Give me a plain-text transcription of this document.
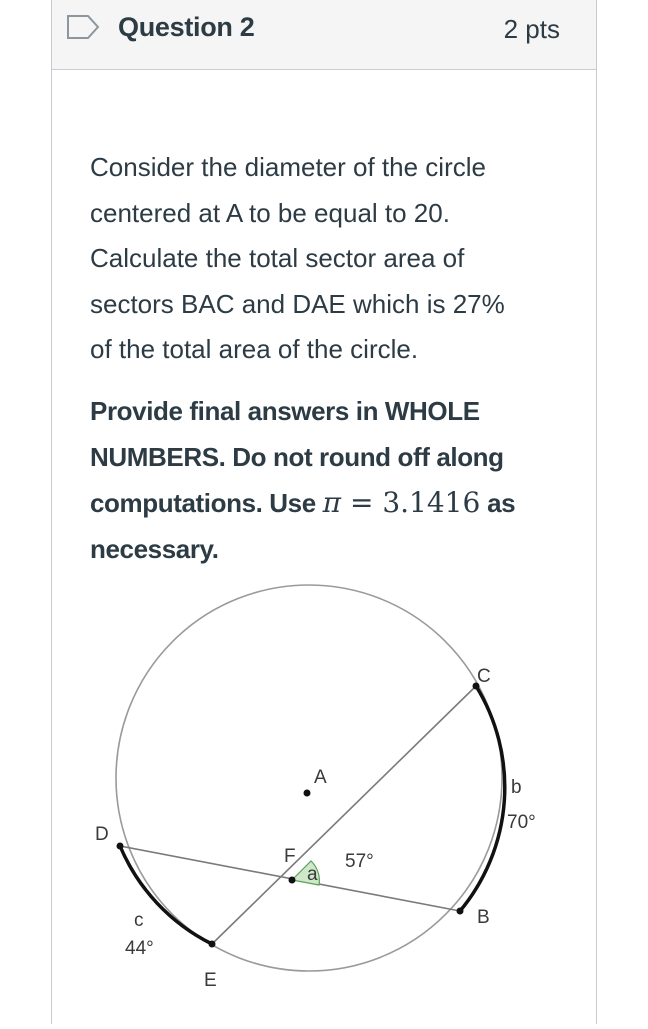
Question 2	2 pts
Consider the diameter of the circle
centered at A to be equal to 20.
Calculate the total sector area of
sectors BAC and DAE which is 27%
of the total area of the circle.
Provide final answers in WHOLE
NUMBERS. Do not round off along
computations. Use π = 3.1416 as
necessary.
A
B
C
D
E
F
a
57°
b
70°
c
44°
